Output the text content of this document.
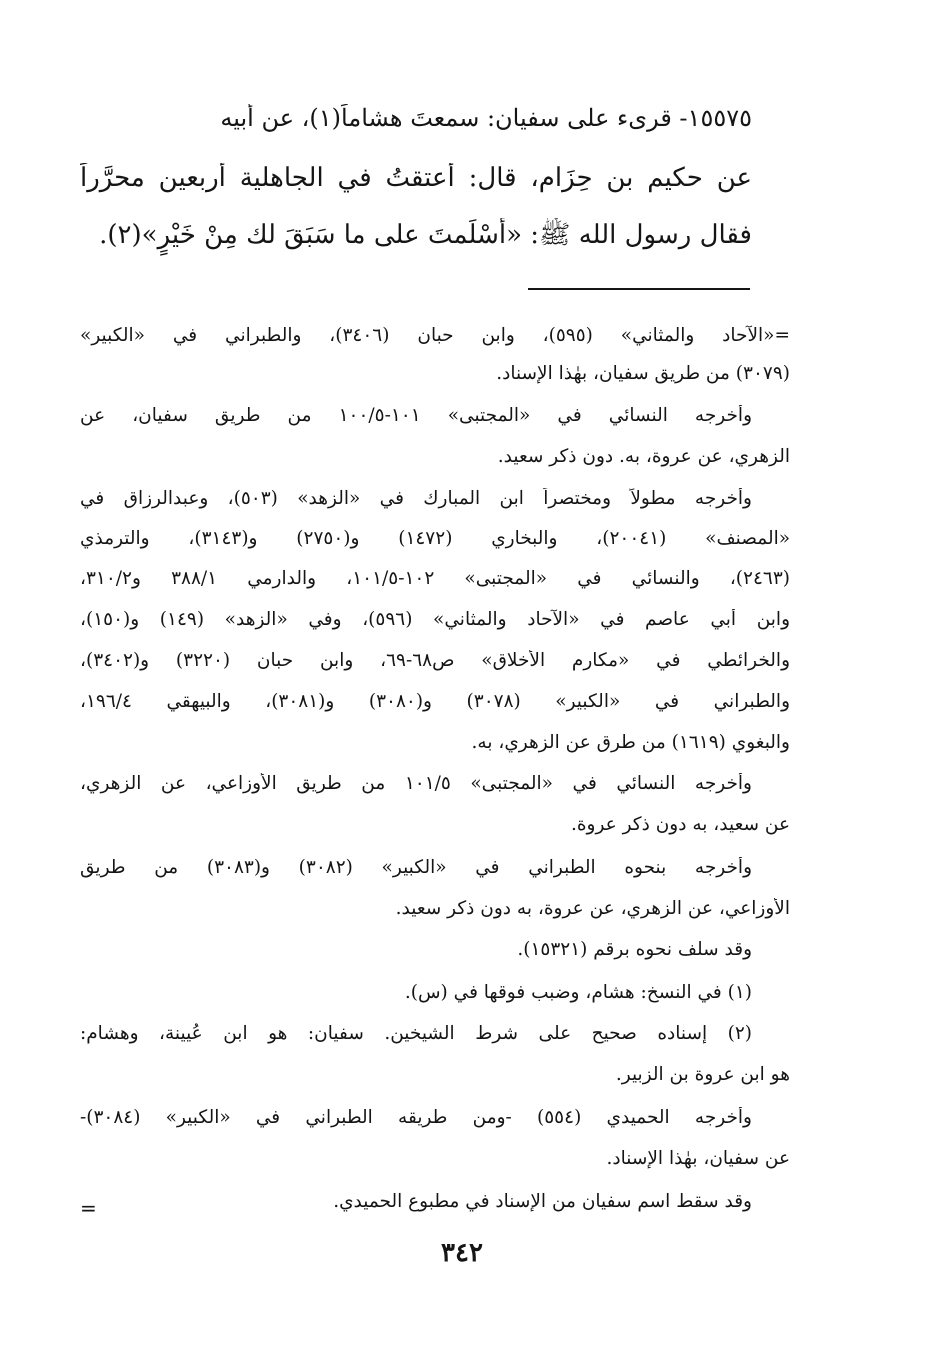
١٥٥٧٥- قرىء على سفيان: سمعتَ هشاماً(١)، عن أبيه
عن حكيم بن حِزَام، قال: أعتقتُ في الجاهلية أربعين محرَّراً
فقال رسول الله ﷺ: «أَسْلَمتَ على ما سَبَقَ لك مِنْ خَيْرٍ»(٢).
=«الآحاد والمثاني» (٥٩٥)، وابن حبان (٣٤٠٦)، والطبراني في «الكبير»
(٣٠٧٩) من طريق سفيان، بهٰذا الإسناد.
وأخرجه النسائي في «المجتبى» ١٠١-١٠٠/٥ من طريق سفيان، عن
الزهري، عن عروة، به. دون ذكر سعيد.
وأخرجه مطولاً ومختصراً ابن المبارك في «الزهد» (٥٠٣)، وعبدالرزاق في
«المصنف» (٢٠٠٤١)، والبخاري (١٤٧٢) و(٢٧٥٠) و(٣١٤٣)، والترمذي
(٢٤٦٣)، والنسائي في «المجتبى» ١٠٢-١٠١/٥، والدارمي ٣٨٨/١ و٣١٠/٢،
وابن أبي عاصم في «الآحاد والمثاني» (٥٩٦)، وفي «الزهد» (١٤٩) و(١٥٠)،
والخرائطي في «مكارم الأخلاق» ص٦٨-٦٩، وابن حبان (٣٢٢٠) و(٣٤٠٢)،
والطبراني في «الكبير» (٣٠٧٨) و(٣٠٨٠) و(٣٠٨١)، والبيهقي ١٩٦/٤،
والبغوي (١٦١٩) من طرق عن الزهري، به.
وأخرجه النسائي في «المجتبى» ١٠١/٥ من طريق الأوزاعي، عن الزهري،
عن سعيد، به دون ذكر عروة.
وأخرجه بنحوه الطبراني في «الكبير» (٣٠٨٢) و(٣٠٨٣) من طريق
الأوزاعي، عن الزهري، عن عروة، به دون ذكر سعيد.
وقد سلف نحوه برقم (١٥٣٢١).
(١) في النسخ: هشام، وضبب فوقها في (س).
(٢) إسناده صحيح على شرط الشيخين. سفيان: هو ابن عُيينة، وهشام:
هو ابن عروة بن الزبير.
وأخرجه الحميدي (٥٥٤) -ومن طريقه الطبراني في «الكبير» (٣٠٨٤)-
عن سفيان، بهٰذا الإسناد.
وقد سقط اسم سفيان من الإسناد في مطبوع الحميدي.
=
٣٤٢
